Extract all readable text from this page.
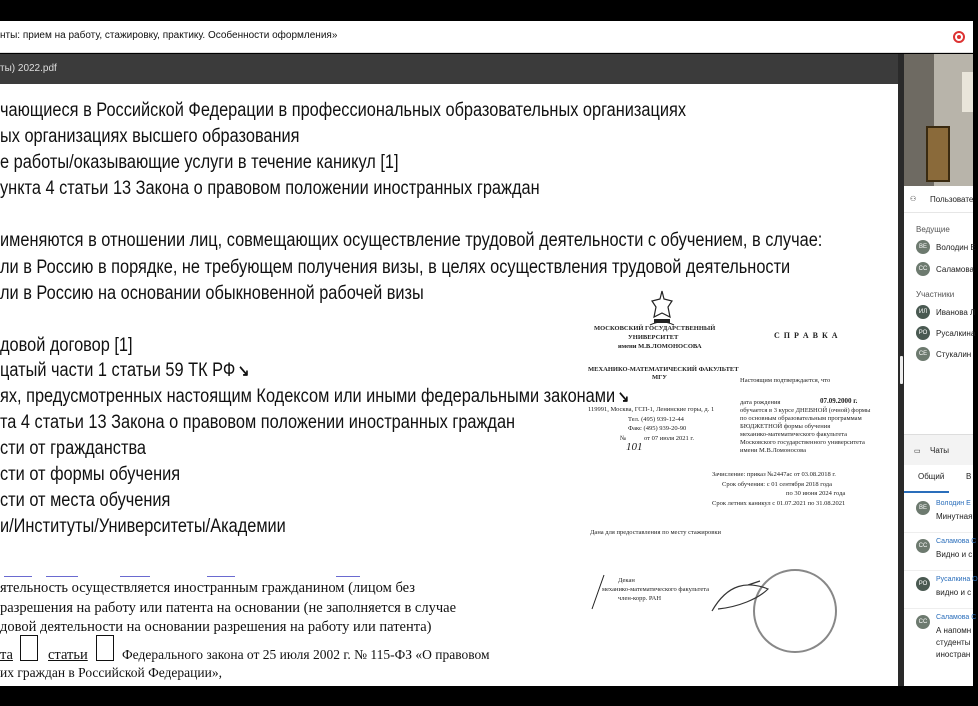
нты: прием на работу, стажировку, практику. Особенности оформления»
ты) 2022.pdf
чающиеся в Российской Федерации в профессиональных образовательных организациях
ых организациях высшего образования
е работы/оказывающие услуги в течение каникул [1]
ункта 4 статьи 13 Закона о правовом положении иностранных граждан
именяются в отношении лиц, совмещающих осуществление трудовой деятельности с обучением, в случае:
ли в Россию в порядке, не требующем получения визы, в целях осуществления трудовой деятельности
ли в Россию на основании обыкновенной рабочей визы
довой договор [1]
цатый части 1 статьи 59 ТК РФ ↘
ях, предусмотренных настоящим Кодексом или иными федеральными законами ↘
та 4 статьи 13 Закона о правовом положении иностранных граждан
сти от гражданства
сти от формы обучения
сти от места обучения
и/Институты/Университеты/Академии
ятельность осуществляется иностранным гражданином (лицом без
разрешения на работу или патента на основании (не заполняется в случае
довой деятельности на основании разрешения на работу или патента)
та статьи	Федерального закона от 25 июля 2002 г. № 115-ФЗ «О правовом
их граждан в Российской Федерации»,
МОСКОВСКИЙ ГОСУДАРСТВЕННЫЙ
УНИВЕРСИТЕТ
имени М.В.ЛОМОНОСОВА
С П Р А В К А
МЕХАНИКО-МАТЕМАТИЧЕСКИЙ ФАКУЛЬТЕТ
МГУ	Настоящим подтверждается, что
119991, Москва, ГСП-1, Ленинские горы, д. 1
Тел. (495) 939-12-44
Факс (495) 939-20-90
№	от 07 июля 2021 г.
101
дата рождения	07.09.2000 г.
обучается в 3 курсе ДНЕВНОЙ (очной) формы
по основным образовательным программам
БЮДЖЕТНОЙ формы обучения
механико-математического факультета
Московского государственного университета
имени М.В.Ломоносова
Зачисление: приказ №2447ас от 03.08.2018 г.
Срок обучения: с 01 сентября 2018 года
по 30 июня 2024 года
Срок летних каникул с 01.07.2021 по 31.08.2021
Дана для предоставления по месту стажировки
Декан
механико-математического факультета
член-корр. РАН
⚇ Пользовате
Ведущие
ВЕ	Володин Е
СС	Саламова
Участники
ИЛ	Иванова Л
РО	Руcалкина
СЕ	Стукалин
▭ Чаты
Общий	В
ВЕ
Володин Е
Минутная
СС
Саламова С
Видно и с
РО
Русалкина О
видно и с
СС
Саламова С
А напомн
студенты
иностран
